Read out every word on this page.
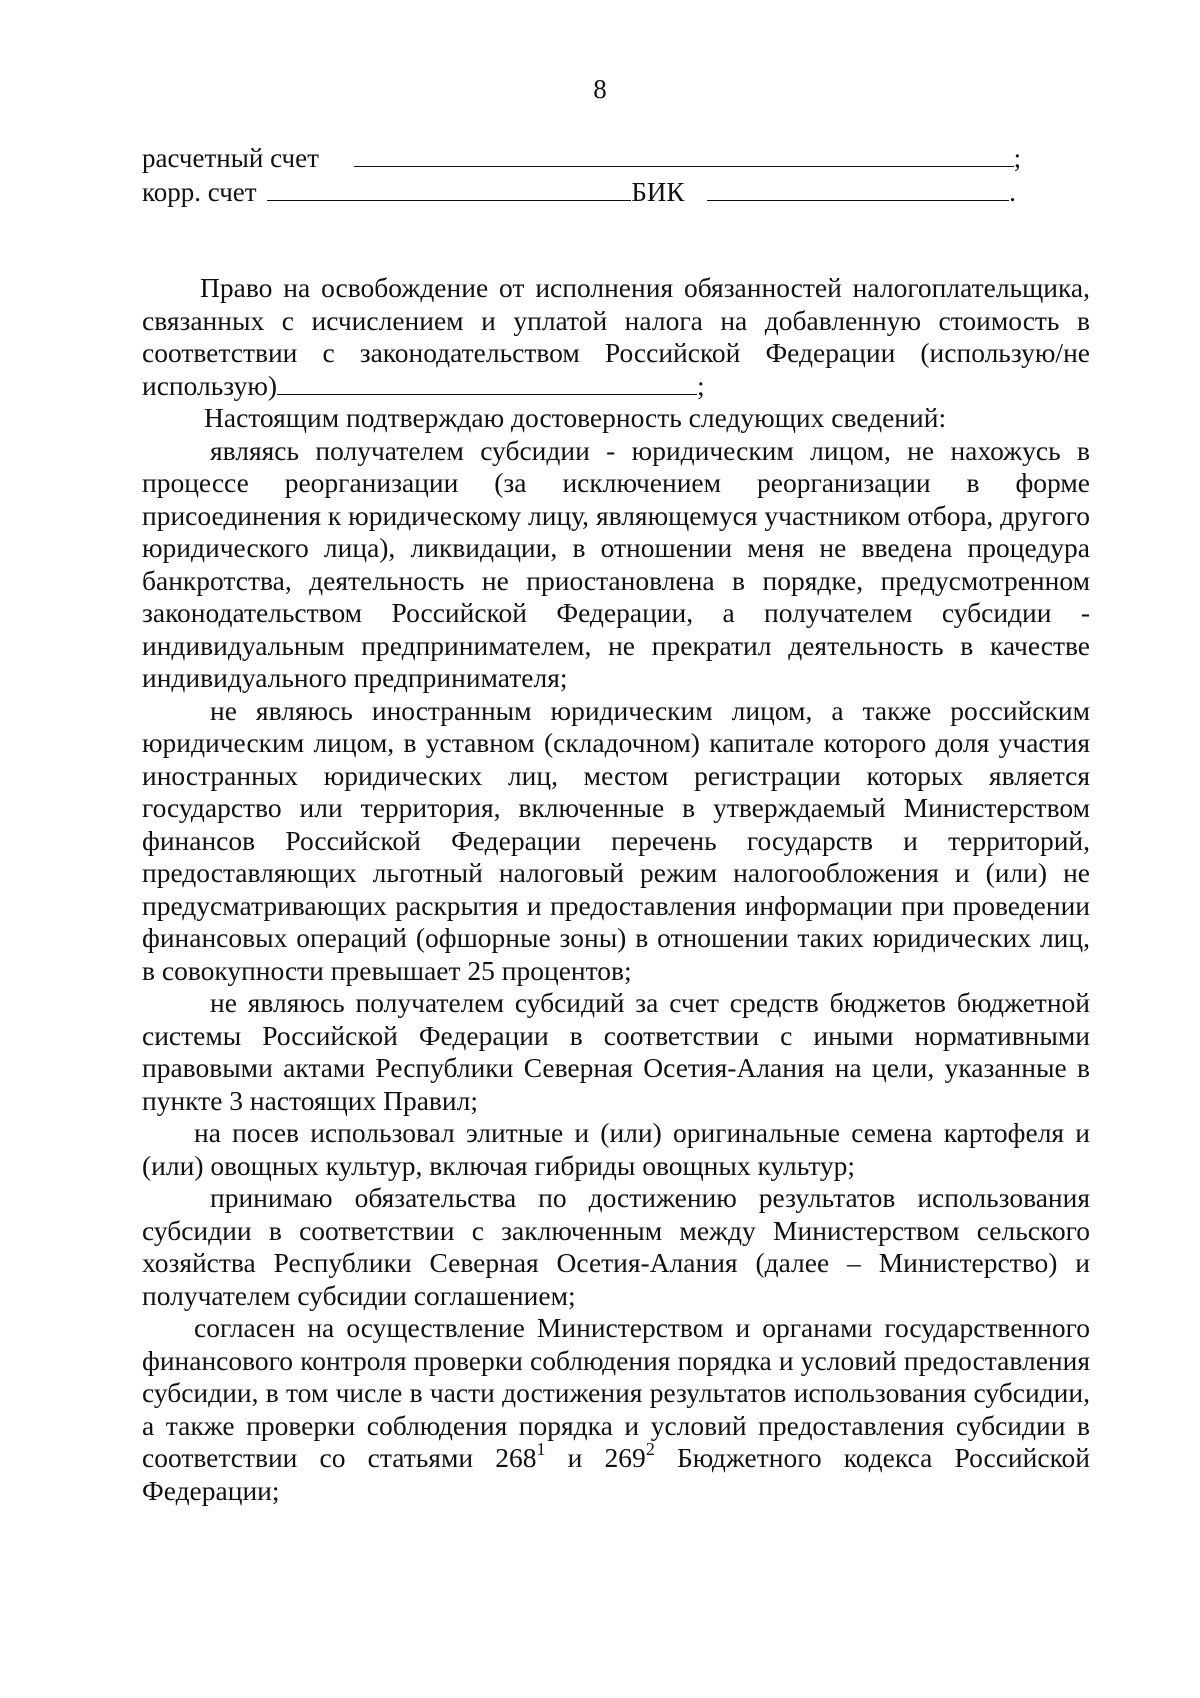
8
расчетный счет	;
корр. счет	БИК	.

Право на освобождение от исполнения обязанностей налогоплательщика, связанных с исчислением и уплатой налога на добавленную стоимость в соответствии с законодательством Российской Федерации (использую/не использую)	;

Настоящим подтверждаю достоверность следующих сведений:

являясь получателем субсидии - юридическим лицом, не нахожусь в процессе реорганизации (за исключением реорганизации в форме присоединения к юридическому лицу, являющемуся участником отбора, другого юридического лица), ликвидации, в отношении меня не введена процедура банкротства, деятельность не приостановлена в порядке, предусмотренном законодательством Российской Федерации, а получателем субсидии - индивидуальным предпринимателем, не прекратил деятельность в качестве индивидуального предпринимателя;

не являюсь иностранным юридическим лицом, а также российским юридическим лицом, в уставном (складочном) капитале которого доля участия иностранных юридических лиц, местом регистрации которых является государство или территория, включенные в утверждаемый Министерством финансов Российской Федерации перечень государств и территорий, предоставляющих льготный налоговый режим налогообложения и (или) не предусматривающих раскрытия и предоставления информации при проведении финансовых операций (офшорные зоны) в отношении таких юридических лиц, в совокупности превышает 25 процентов;

не являюсь получателем субсидий за счет средств бюджетов бюджетной системы Российской Федерации в соответствии с иными нормативными правовыми актами Республики Северная Осетия-Алания на цели, указанные в пункте 3 настоящих Правил;

на посев использовал элитные и (или) оригинальные семена картофеля и (или) овощных культур, включая гибриды овощных культур;

принимаю обязательства по достижению результатов использования субсидии в соответствии с заключенным между Министерством сельского хозяйства Республики Северная Осетия-Алания (далее – Министерство) и получателем субсидии соглашением;

согласен на осуществление Министерством и органами государственного финансового контроля проверки соблюдения порядка и условий предоставления субсидии, в том числе в части достижения результатов использования субсидии, а также проверки соблюдения порядка и условий предоставления субсидии в соответствии со статьями $268^1$ и $269^2$ Бюджетного кодекса Российской Федерации;
